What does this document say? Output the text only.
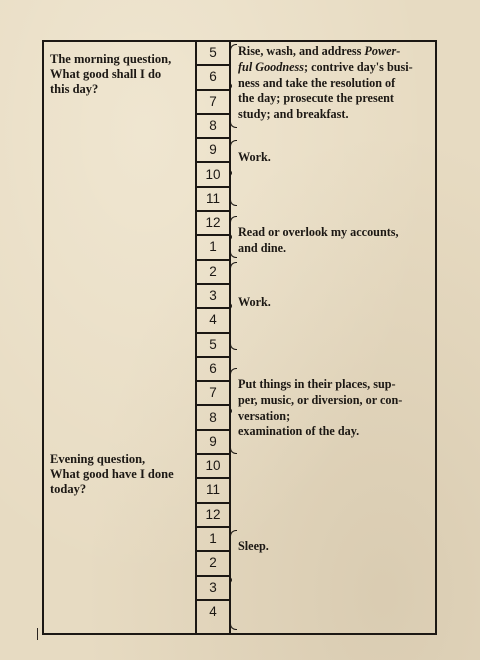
5
6
7
8
9
10
11
12
1
2
3
4
5
6
7
8
9
10
11
12
1
2
3
4
The morning question,
What good shall I do
this day?
Evening question,
What good have I done
today?
Rise, wash, and address Power-
ful Goodness; contrive day's busi-
ness and take the resolution of
the day; prosecute the present
study; and breakfast.
Work.
Read or overlook my accounts,
and dine.
Work.
Put things in their places, sup-
per, music, or diversion, or con-
versation;
examination of the day.
Sleep.
